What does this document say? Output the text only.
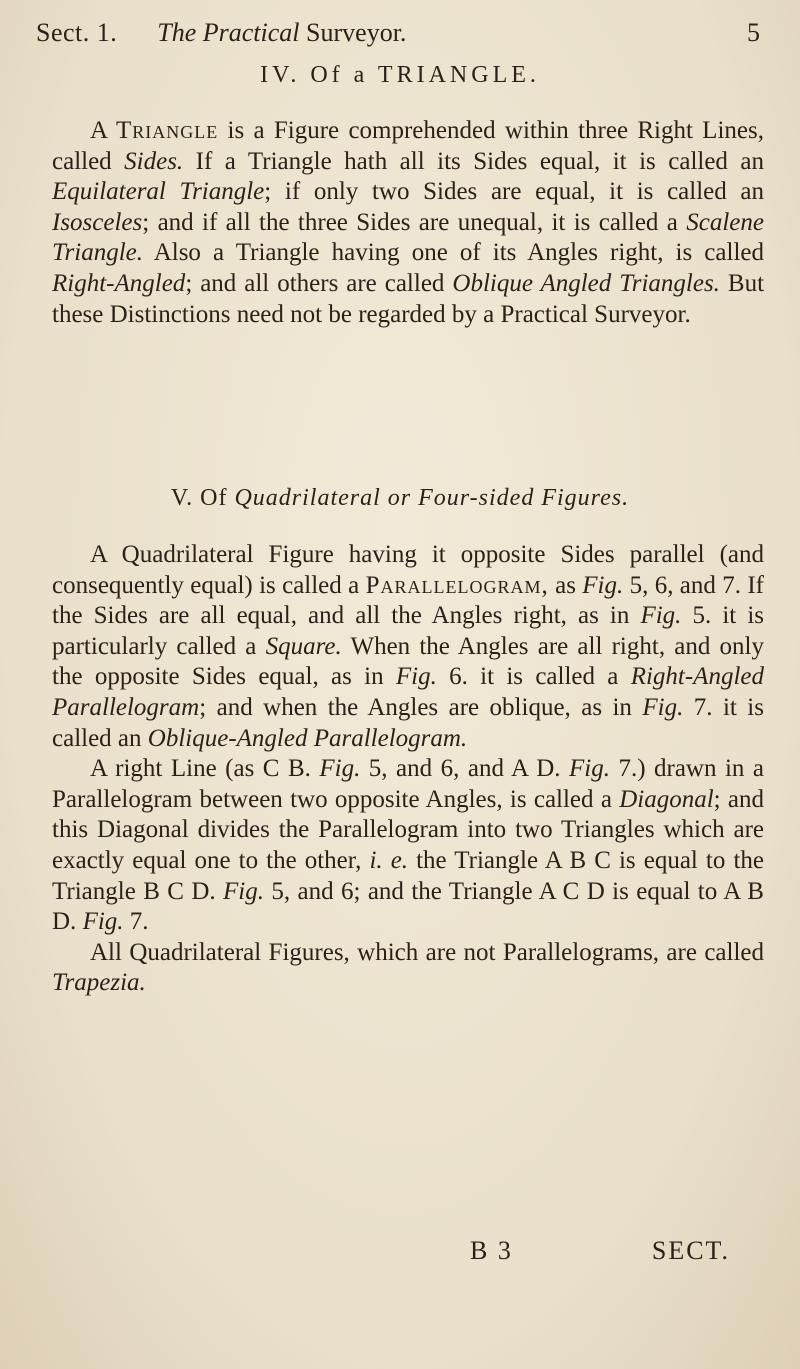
Sect. 1. The Practical Surveyor.	5
IV. Of a TRIANGLE.

A Triangle is a Figure comprehended within three Right Lines, called Sides. If a Triangle hath all its Sides equal, it is called an Equilateral Triangle; if only two Sides are equal, it is called an Isosceles; and if all the three Sides are unequal, it is called a Scalene Triangle. Also a Triangle having one of its Angles right, is called Right-Angled; and all others are called Oblique Angled Triangles. But these Distinctions need not be regarded by a Practical Surveyor.

V. Of Quadrilateral or Four-sided Figures.

A Quadrilateral Figure having it opposite Sides parallel (and consequently equal) is called a Parallelogram, as Fig. 5, 6, and 7. If the Sides are all equal, and all the Angles right, as in Fig. 5. it is particularly called a Square. When the Angles are all right, and only the opposite Sides equal, as in Fig. 6. it is called a Right-Angled Parallelogram; and when the Angles are oblique, as in Fig. 7. it is called an Oblique-Angled Parallelogram.

A right Line (as C B. Fig. 5, and 6, and A D. Fig. 7.) drawn in a Parallelogram between two opposite Angles, is called a Diagonal; and this Diagonal divides the Parallelogram into two Triangles which are exactly equal one to the other, i. e. the Triangle A B C is equal to the Triangle B C D. Fig. 5, and 6; and the Triangle A C D is equal to A B D. Fig. 7.

All Quadrilateral Figures, which are not Parallelograms, are called Trapezia.

B 3	SECT.
